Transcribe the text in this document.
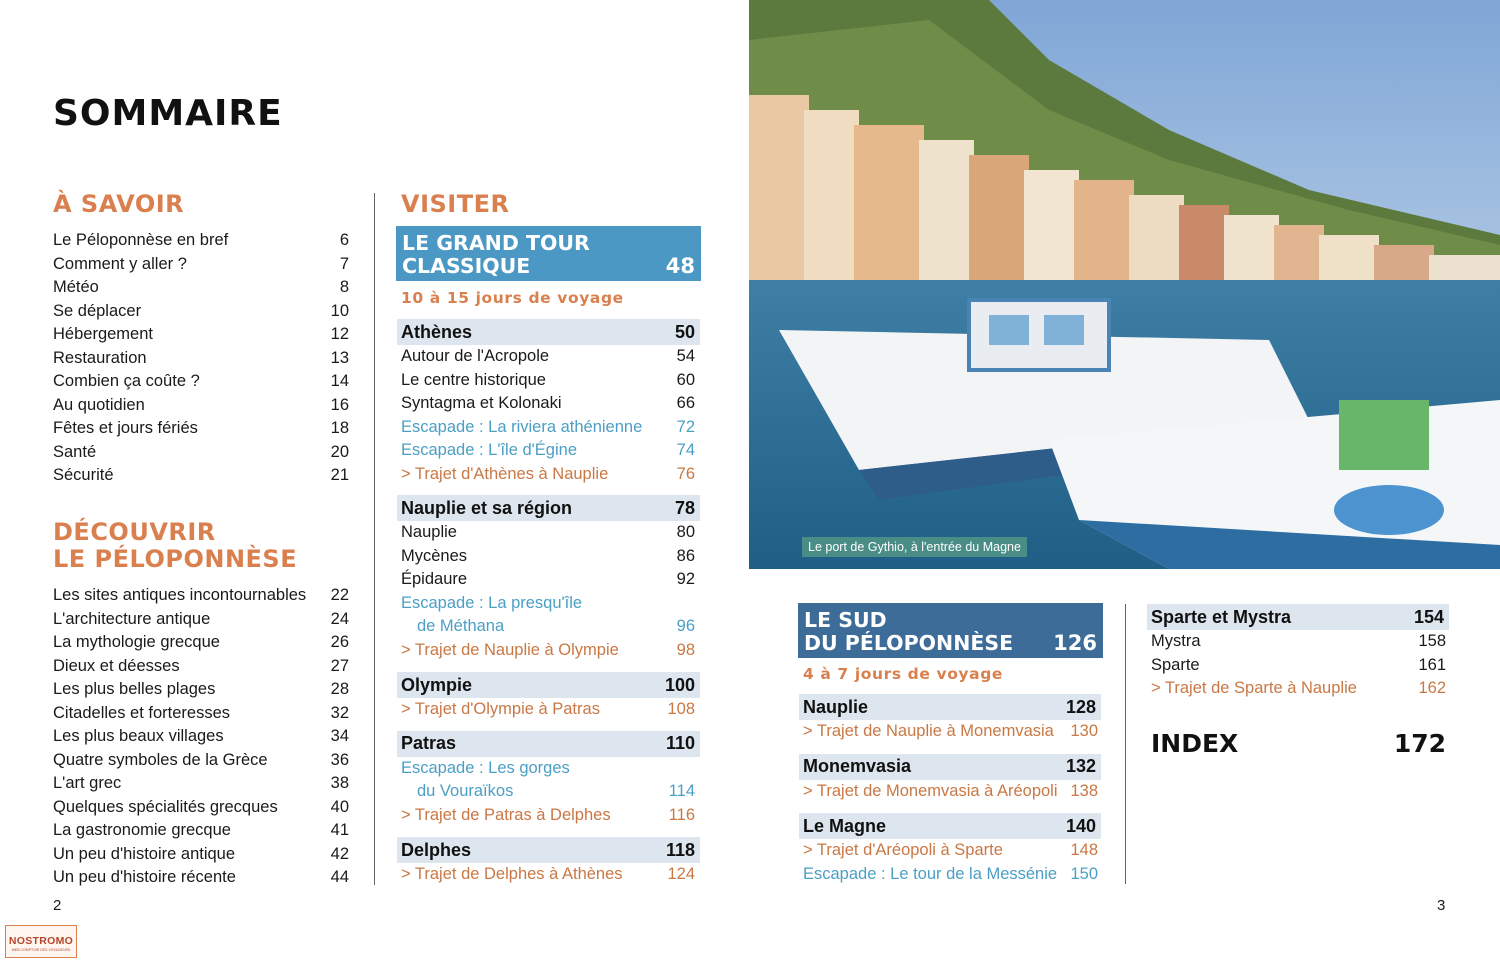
SOMMAIRE
À SAVOIR
Le Péloponnèse en bref	6
Comment y aller ?	7
Météo	8
Se déplacer	10
Hébergement	12
Restauration	13
Combien ça coûte ?	14
Au quotidien	16
Fêtes et jours fériés	18
Santé	20
Sécurité	21
DÉCOUVRIR
LE PÉLOPONNÈSE
Les sites antiques incontournables 22
L'architecture antique	24
La mythologie grecque	26
Dieux et déesses	27
Les plus belles plages	28
Citadelles et forteresses	32
Les plus beaux villages	34
Quatre symboles de la Grèce	36
L'art grec	38
Quelques spécialités grecques	40
La gastronomie grecque	41
Un peu d'histoire antique	42
Un peu d'histoire récente	44
2
VISITER
LE GRAND TOUR
CLASSIQUE	48
10 à 15 jours de voyage
Athènes	50
Autour de l'Acropole	54
Le centre historique	60
Syntagma et Kolonaki	66
Escapade : La riviera athénienne 72
Escapade : L'île d'Égine	74
> Trajet d'Athènes à Nauplie	76
Nauplie et sa région	78
Nauplie	80
Mycènes	86
Épidaure	92
Escapade : La presqu'île
de Méthana	96
> Trajet de Nauplie à Olympie	98
Olympie	100
> Trajet d'Olympie à Patras	108
Patras	110
Escapade : Les gorges
du Vouraïkos	114
> Trajet de Patras à Delphes	116
Delphes	118
> Trajet de Delphes à Athènes	124
Le port de Gythio, à l'entrée du Magne
LE SUD
DU PÉLOPONNÈSE 126
4 à 7 jours de voyage
Nauplie	128
> Trajet de Nauplie à Monemvasia 130
Monemvasia	132
> Trajet de Monemvasia à Aréopoli 138
Le Magne	140
> Trajet d'Aréopoli à Sparte	148
Escapade : Le tour de la Messénie 150
Sparte et Mystra	154
Mystra	158
Sparte	161
> Trajet de Sparte à Nauplie	162
INDEX	172
3
NOSTROMO
WEB COMPTOIR DES VOYAGEURS
